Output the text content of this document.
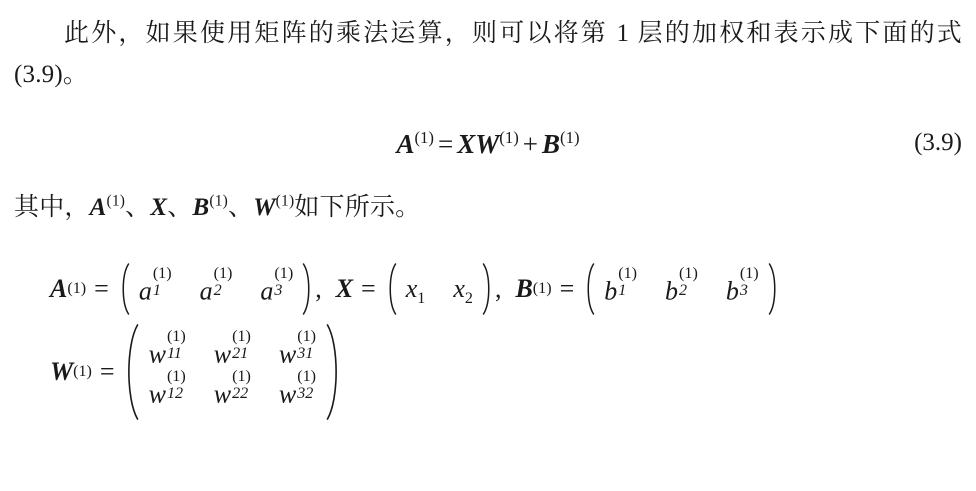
此外，如果使用矩阵的乘法运算，则可以将第 1 层的加权和表示成下面的式 (3.9)。

$A^{(1)} = XW^{(1)} + B^{(1)}$	(3.9)

其中，$A^{(1)}$、X、$B^{(1)}$、$W^{(1)}$如下所示。

A (1) =	a
(1)
1	a
(1)
2	a
(1)
3	, X =	$x_1$	$x_2$ , B (1) =	b
(1)
1	b
(1)
2	b
(1)
3
W (1) =
w
(1)
11	w
(1)
21	w
(1)
31
w
(1)
12	w
(1)
22	w
(1)
32
